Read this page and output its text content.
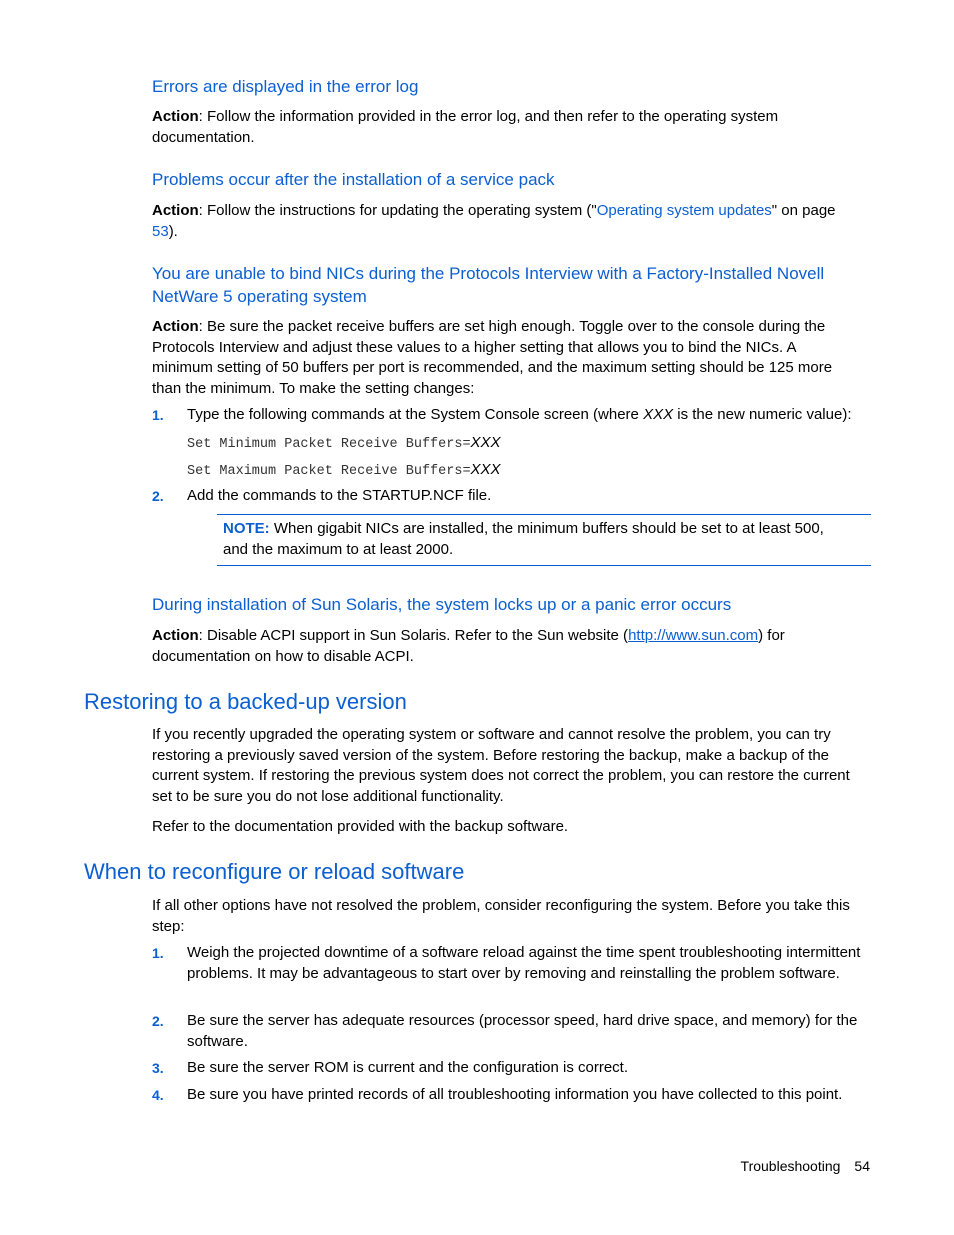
Errors are displayed in the error log
Action: Follow the information provided in the error log, and then refer to the operating system documentation.
Problems occur after the installation of a service pack
Action: Follow the instructions for updating the operating system ("Operating system updates" on page 53).
You are unable to bind NICs during the Protocols Interview with a Factory-Installed Novell NetWare 5 operating system
Action: Be sure the packet receive buffers are set high enough. Toggle over to the console during the Protocols Interview and adjust these values to a higher setting that allows you to bind the NICs. A minimum setting of 50 buffers per port is recommended, and the maximum setting should be 125 more than the minimum. To make the setting changes:
1. Type the following commands at the System Console screen (where XXX is the new numeric value):
Set Minimum Packet Receive Buffers=XXX
Set Maximum Packet Receive Buffers=XXX
2. Add the commands to the STARTUP.NCF file.
NOTE: When gigabit NICs are installed, the minimum buffers should be set to at least 500, and the maximum to at least 2000.
During installation of Sun Solaris, the system locks up or a panic error occurs
Action: Disable ACPI support in Sun Solaris. Refer to the Sun website (http://www.sun.com) for documentation on how to disable ACPI.
Restoring to a backed-up version
If you recently upgraded the operating system or software and cannot resolve the problem, you can try restoring a previously saved version of the system. Before restoring the backup, make a backup of the current system. If restoring the previous system does not correct the problem, you can restore the current set to be sure you do not lose additional functionality.
Refer to the documentation provided with the backup software.
When to reconfigure or reload software
If all other options have not resolved the problem, consider reconfiguring the system. Before you take this step:
1. Weigh the projected downtime of a software reload against the time spent troubleshooting intermittent problems. It may be advantageous to start over by removing and reinstalling the problem software.
2. Be sure the server has adequate resources (processor speed, hard drive space, and memory) for the software.
3. Be sure the server ROM is current and the configuration is correct.
4. Be sure you have printed records of all troubleshooting information you have collected to this point.
Troubleshooting 54
